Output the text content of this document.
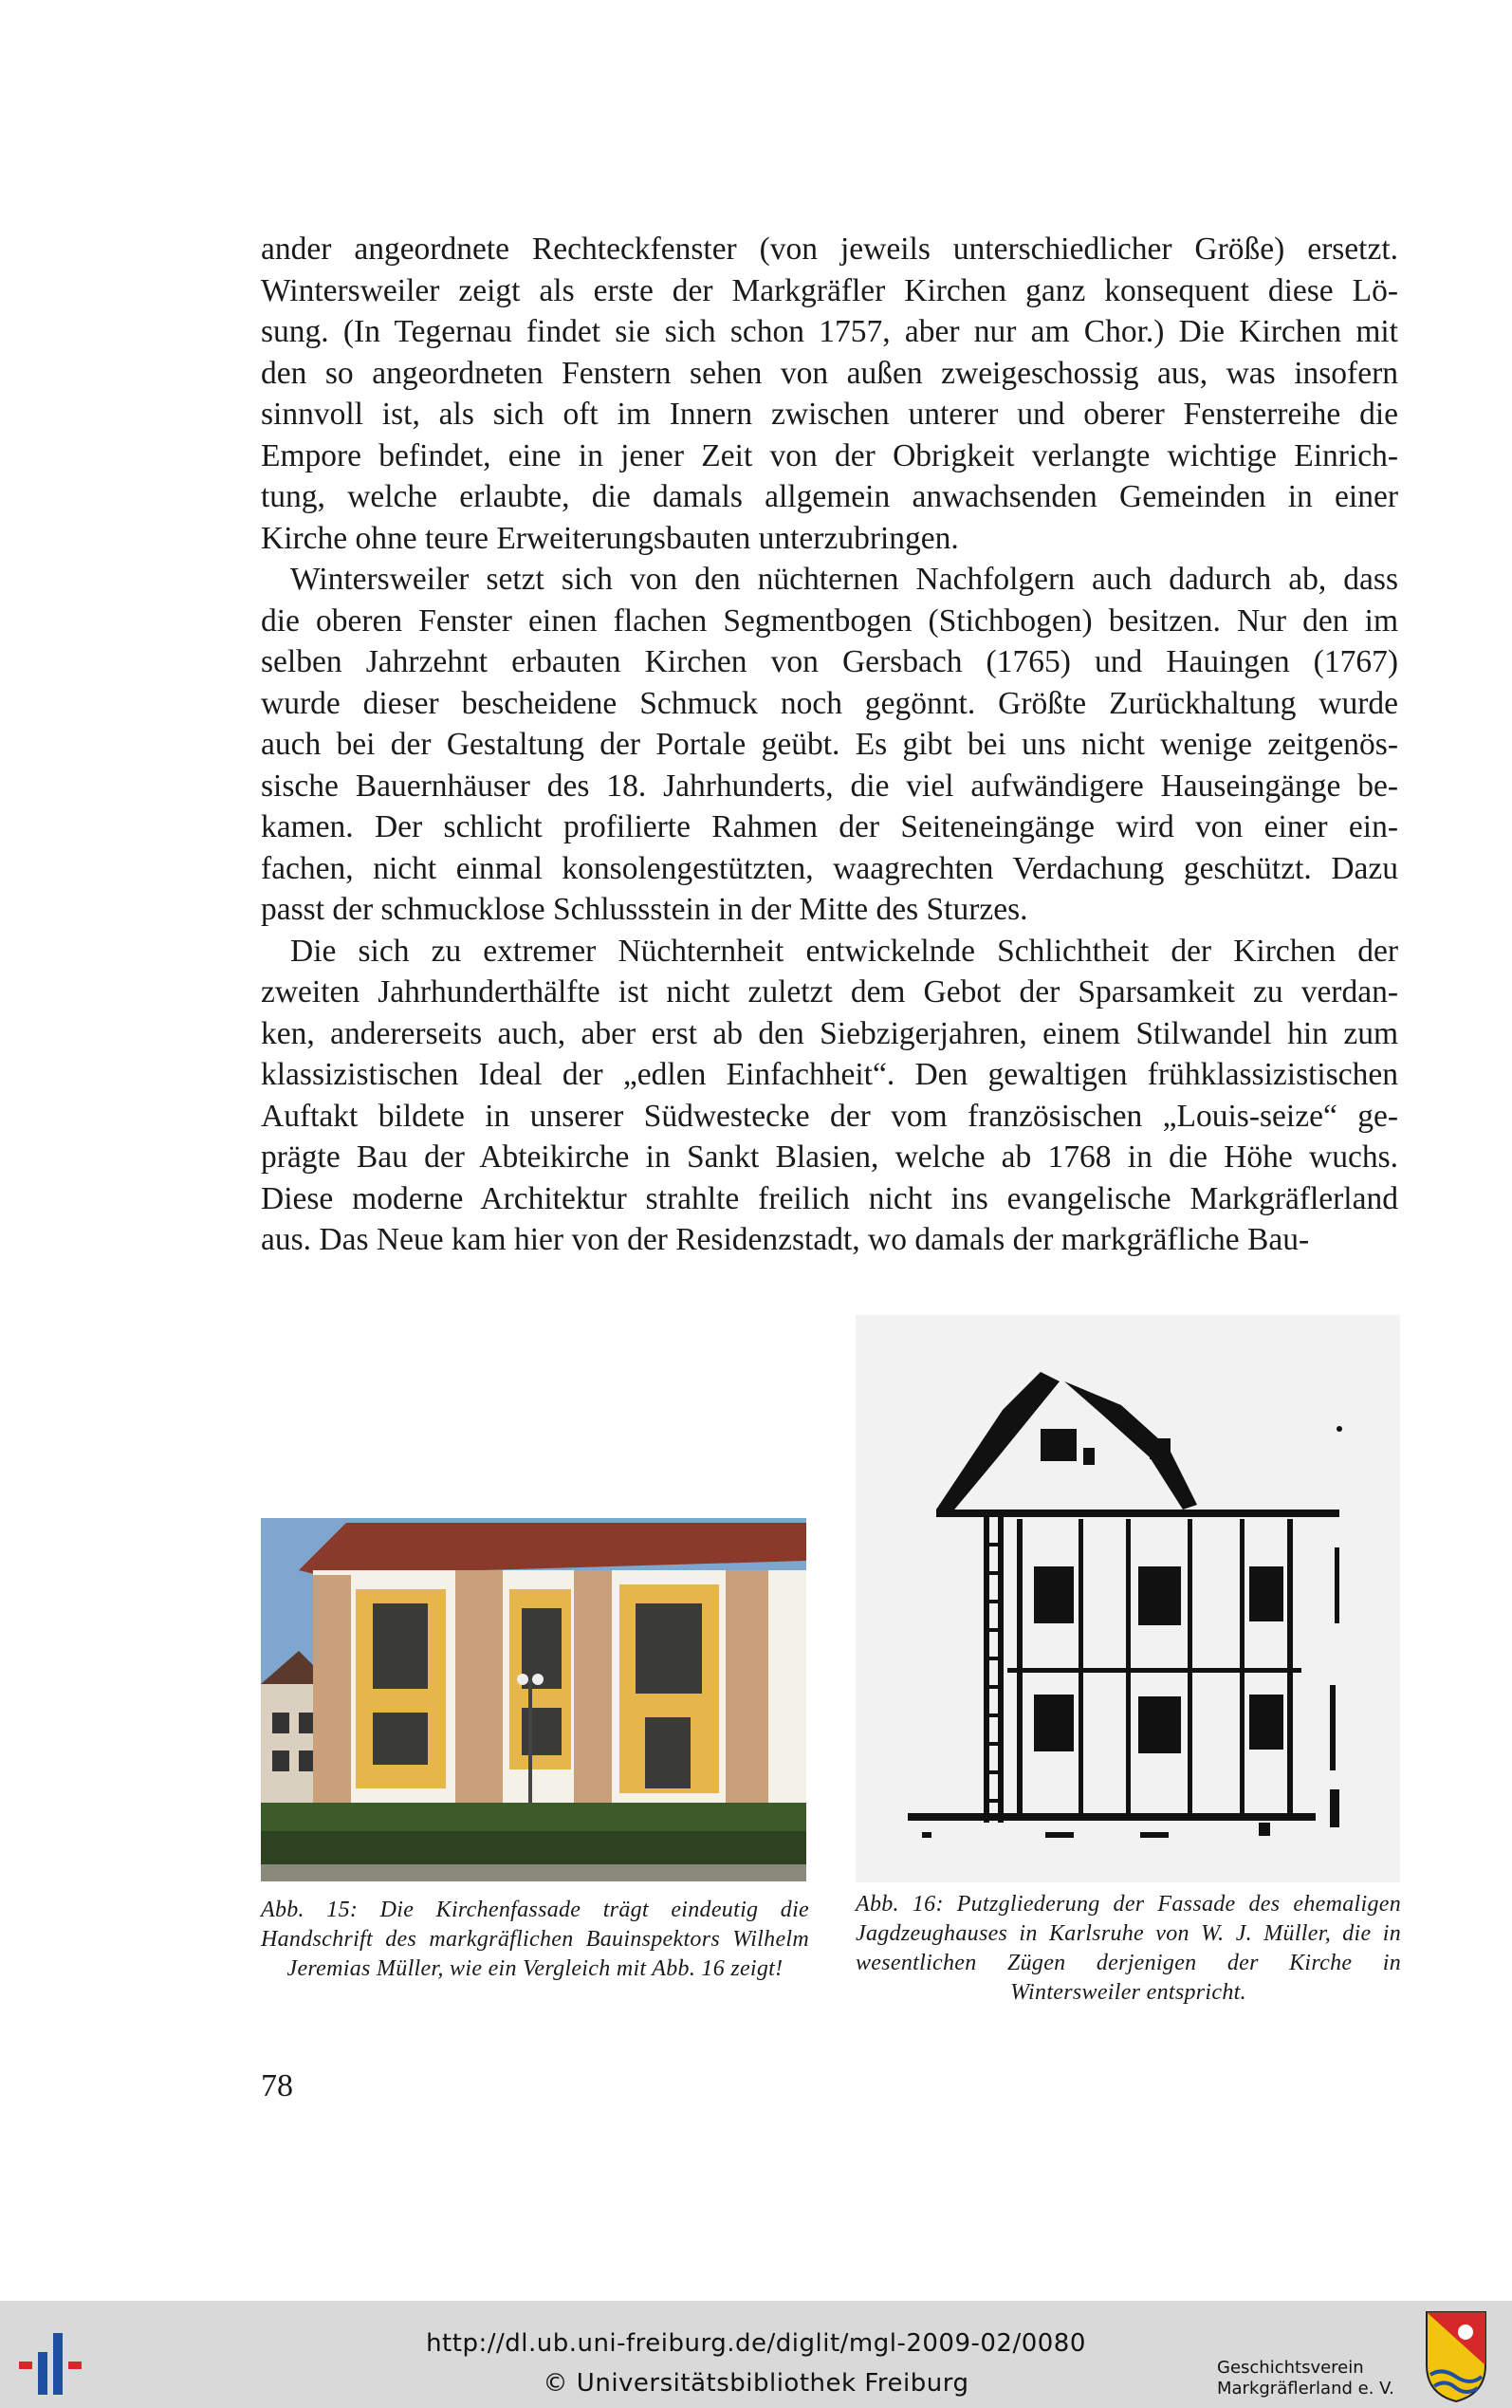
ander angeordnete Rechteckfenster (von jeweils unterschiedlicher Größe) ersetzt.
Wintersweiler zeigt als erste der Markgräfler Kirchen ganz konsequent diese Lö-
sung. (In Tegernau findet sie sich schon 1757, aber nur am Chor.) Die Kirchen mit
den so angeordneten Fenstern sehen von außen zweigeschossig aus, was insofern
sinnvoll ist, als sich oft im Innern zwischen unterer und oberer Fensterreihe die
Empore befindet, eine in jener Zeit von der Obrigkeit verlangte wichtige Einrich-
tung, welche erlaubte, die damals allgemein anwachsenden Gemeinden in einer
Kirche ohne teure Erweiterungsbauten unterzubringen.

Wintersweiler setzt sich von den nüchternen Nachfolgern auch dadurch ab, dass
die oberen Fenster einen flachen Segmentbogen (Stichbogen) besitzen. Nur den im
selben Jahrzehnt erbauten Kirchen von Gersbach (1765) und Hauingen (1767)
wurde dieser bescheidene Schmuck noch gegönnt. Größte Zurückhaltung wurde
auch bei der Gestaltung der Portale geübt. Es gibt bei uns nicht wenige zeitgenös-
sische Bauernhäuser des 18. Jahrhunderts, die viel aufwändigere Hauseingänge be-
kamen. Der schlicht profilierte Rahmen der Seiteneingänge wird von einer ein-
fachen, nicht einmal konsolengestützten, waagrechten Verdachung geschützt. Dazu
passt der schmucklose Schlussstein in der Mitte des Sturzes.

Die sich zu extremer Nüchternheit entwickelnde Schlichtheit der Kirchen der
zweiten Jahrhunderthälfte ist nicht zuletzt dem Gebot der Sparsamkeit zu verdan-
ken, andererseits auch, aber erst ab den Siebzigerjahren, einem Stilwandel hin zum
klassizistischen Ideal der „edlen Einfachheit“. Den gewaltigen frühklassizistischen
Auftakt bildete in unserer Südwestecke der vom französischen „Louis-seize“ ge-
prägte Bau der Abteikirche in Sankt Blasien, welche ab 1768 in die Höhe wuchs.
Diese moderne Architektur strahlte freilich nicht ins evangelische Markgräflerland
aus. Das Neue kam hier von der Residenzstadt, wo damals der markgräfliche Bau-

Abb. 15: Die Kirchenfassade trägt eindeutig die Handschrift des markgräflichen Bauinspektors Wilhelm Jeremias Müller, wie ein Vergleich mit Abb. 16 zeigt!
Abb. 16: Putzgliederung der Fassade des ehemaligen Jagdzeughauses in Karlsruhe von W. J. Müller, die in wesentlichen Zügen derjenigen der Kirche in Wintersweiler entspricht.
78
http://dl.ub.uni-freiburg.de/diglit/mgl-2009-02/0080
© Universitätsbibliothek Freiburg
Geschichtsverein
Markgräflerland e. V.
